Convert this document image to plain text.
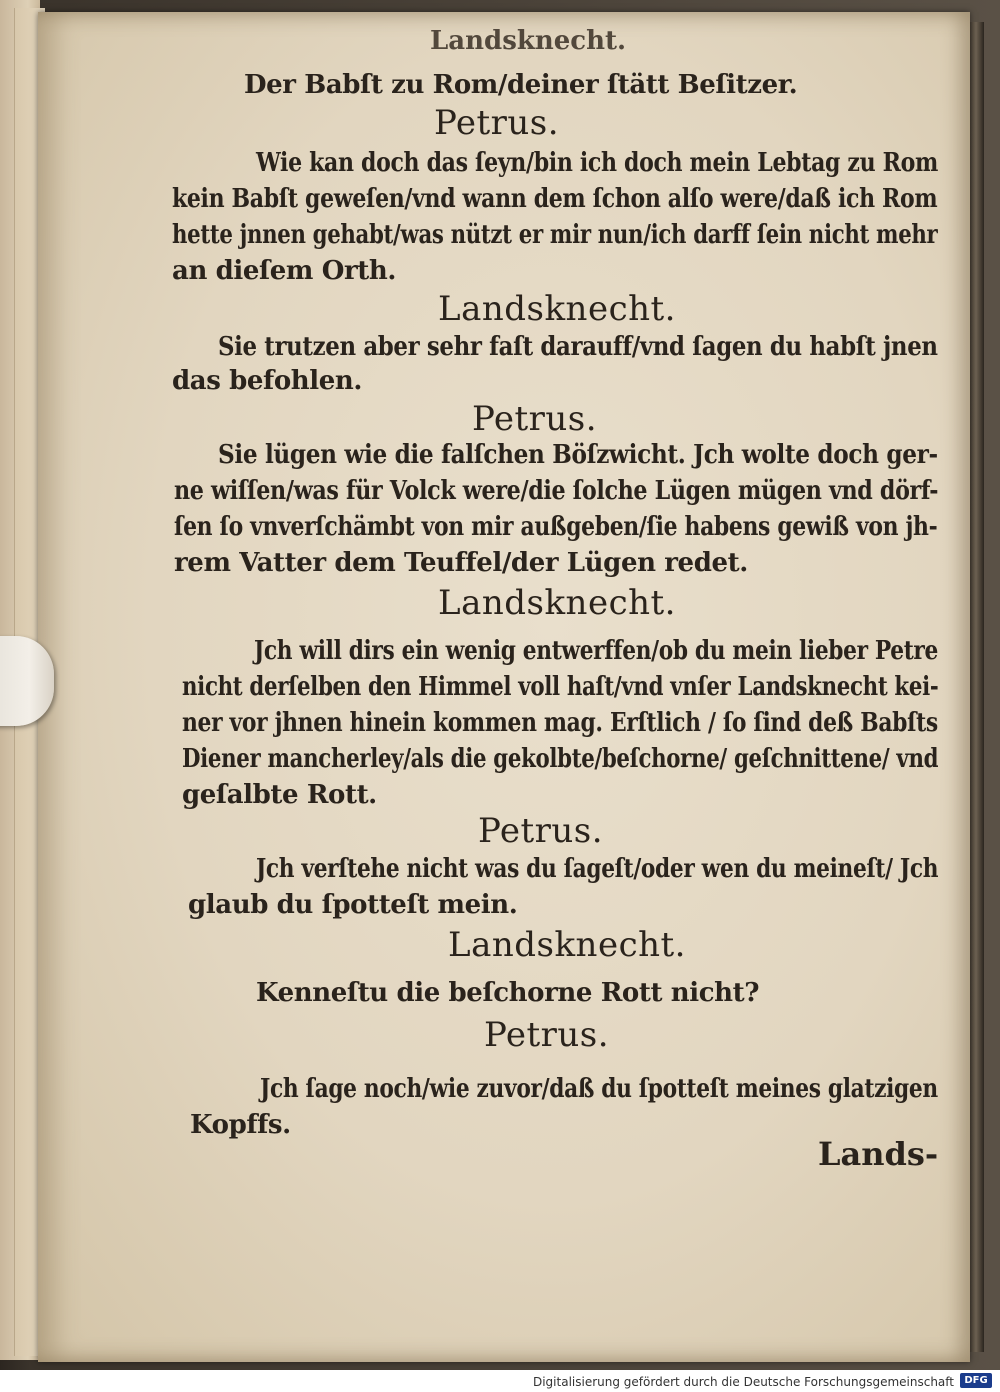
Landsknecht.
Der Babſt zu Rom/deiner ſtätt Beſitzer.
Petrus.
Wie kan doch das ſeyn/bin ich doch mein Lebtag zu Rom
kein Babſt geweſen/vnd wann dem ſchon alſo were/daß ich Rom
hette jnnen gehabt/was nützt er mir nun/ich darff ſein nicht mehr
an dieſem Orth.
Landsknecht.
Sie trutzen aber sehr faſt darauff/vnd ſagen du habſt jnen
das befohlen.
Petrus.
Sie lügen wie die falſchen Böſzwicht. Jch wolte doch ger-
ne wiſſen/was für Volck were/die ſolche Lügen mügen vnd dörf-
ſen ſo vnverſchämbt von mir außgeben/ſie habens gewiß von jh-
rem Vatter dem Teuffel/der Lügen redet.
Landsknecht.
Jch will dirs ein wenig entwerffen/ob du mein lieber Petre
nicht derſelben den Himmel voll haſt/vnd vnſer Landsknecht kei-
ner vor jhnen hinein kommen mag. Erſtlich / ſo ſind deß Babſts
Diener mancherley/als die gekolbte/beſchorne/ geſchnittene/ vnd
geſalbte Rott.
Petrus.
Jch verſtehe nicht was du ſageſt/oder wen du meineſt/ Jch
glaub du ſpotteſt mein.
Landsknecht.
Kenneſtu die beſchorne Rott nicht?
Petrus.
Jch ſage noch/wie zuvor/daß du ſpotteſt meines glatzigen
Kopffs.
Lands-
Digitalisierung gefördert durch die Deutsche Forschungsgemeinschaft	DFG
